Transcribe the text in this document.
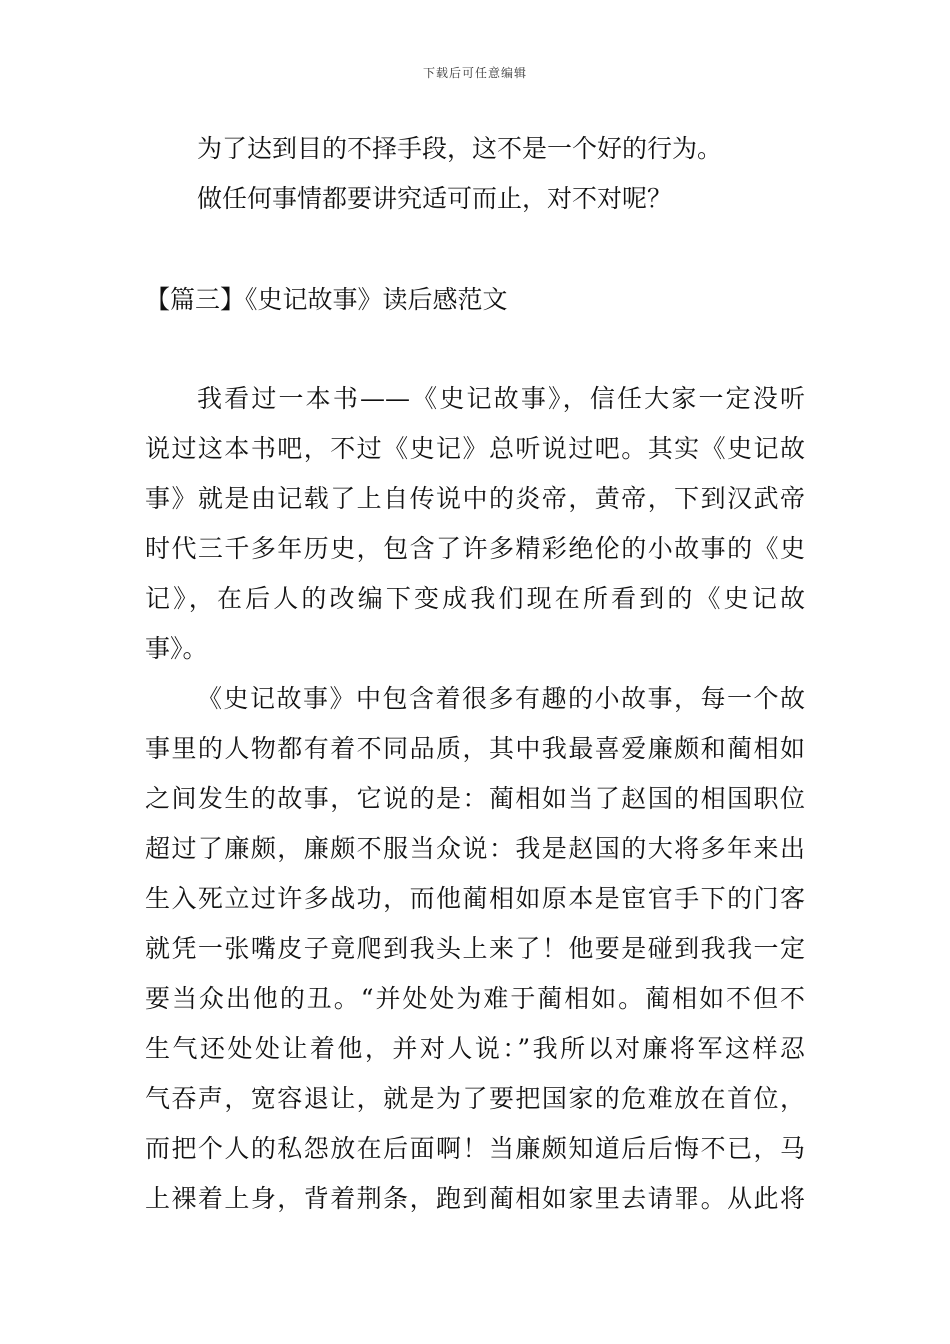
下载后可任意编辑
为了达到目的不择手段，这不是一个好的行为。
做任何事情都要讲究适可而止，对不对呢？
【篇三】《史记故事》读后感范文
我看过一本书——《史记故事》，信任大家一定没听
说过这本书吧，不过《史记》总听说过吧。其实《史记故
事》就是由记载了上自传说中的炎帝，黄帝，下到汉武帝
时代三千多年历史，包含了许多精彩绝伦的小故事的《史
记》，在后人的改编下变成我们现在所看到的《史记故
事》。
《史记故事》中包含着很多有趣的小故事，每一个故
事里的人物都有着不同品质，其中我最喜爱廉颇和蔺相如
之间发生的故事，它说的是：蔺相如当了赵国的相国职位
超过了廉颇，廉颇不服当众说：我是赵国的大将多年来出
生入死立过许多战功，而他蔺相如原本是宦官手下的门客
就凭一张嘴皮子竟爬到我头上来了！他要是碰到我我一定
要当众出他的丑。“并处处为难于蔺相如。蔺相如不但不
生气还处处让着他，并对人说：”我所以对廉将军这样忍
气吞声，宽容退让，就是为了要把国家的危难放在首位，
而把个人的私怨放在后面啊！当廉颇知道后后悔不已，马
上裸着上身，背着荆条，跑到蔺相如家里去请罪。从此将
